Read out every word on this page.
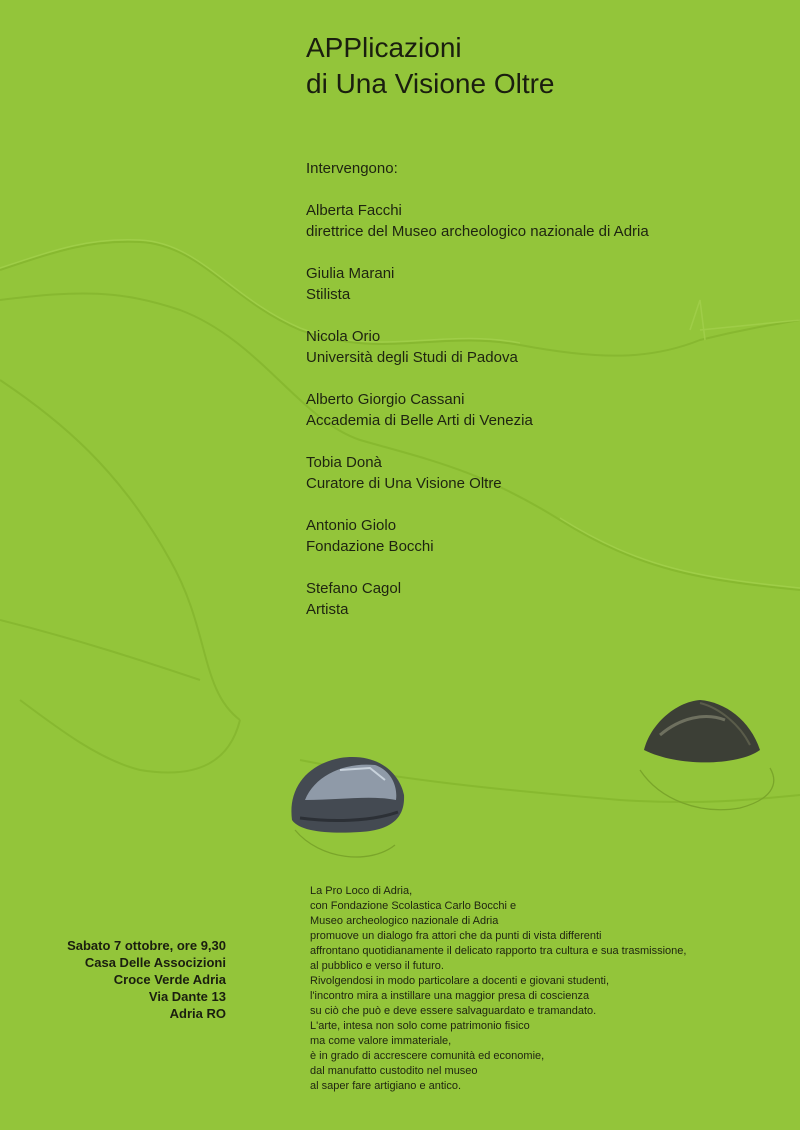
APPlicazioni
di Una Visione Oltre
Intervengono:
Alberta Facchi
direttrice del Museo archeologico nazionale di Adria
Giulia Marani
Stilista
Nicola Orio
Università degli Studi di Padova
Alberto Giorgio Cassani
Accademia di Belle Arti di Venezia
Tobia Donà
Curatore di Una Visione Oltre
Antonio Giolo
Fondazione Bocchi
Stefano Cagol
Artista
Sabato 7 ottobre, ore 9,30
Casa Delle Associzioni
Croce Verde Adria
Via Dante 13
Adria RO
La Pro Loco di Adria,
con Fondazione Scolastica Carlo Bocchi e
Museo archeologico nazionale di Adria
promuove un dialogo fra attori che da punti di vista differenti
affrontano quotidianamente il delicato rapporto tra cultura e sua trasmissione,
al pubblico e verso il futuro.
Rivolgendosi in modo particolare a docenti e giovani studenti,
l'incontro mira a instillare una maggior presa di coscienza
su ciò che può e deve essere salvaguardato e tramandato.
L'arte, intesa non solo come patrimonio fisico
ma come valore immateriale,
è in grado di accrescere comunità ed economie,
dal manufatto custodito nel museo
al saper fare artigiano e antico.
